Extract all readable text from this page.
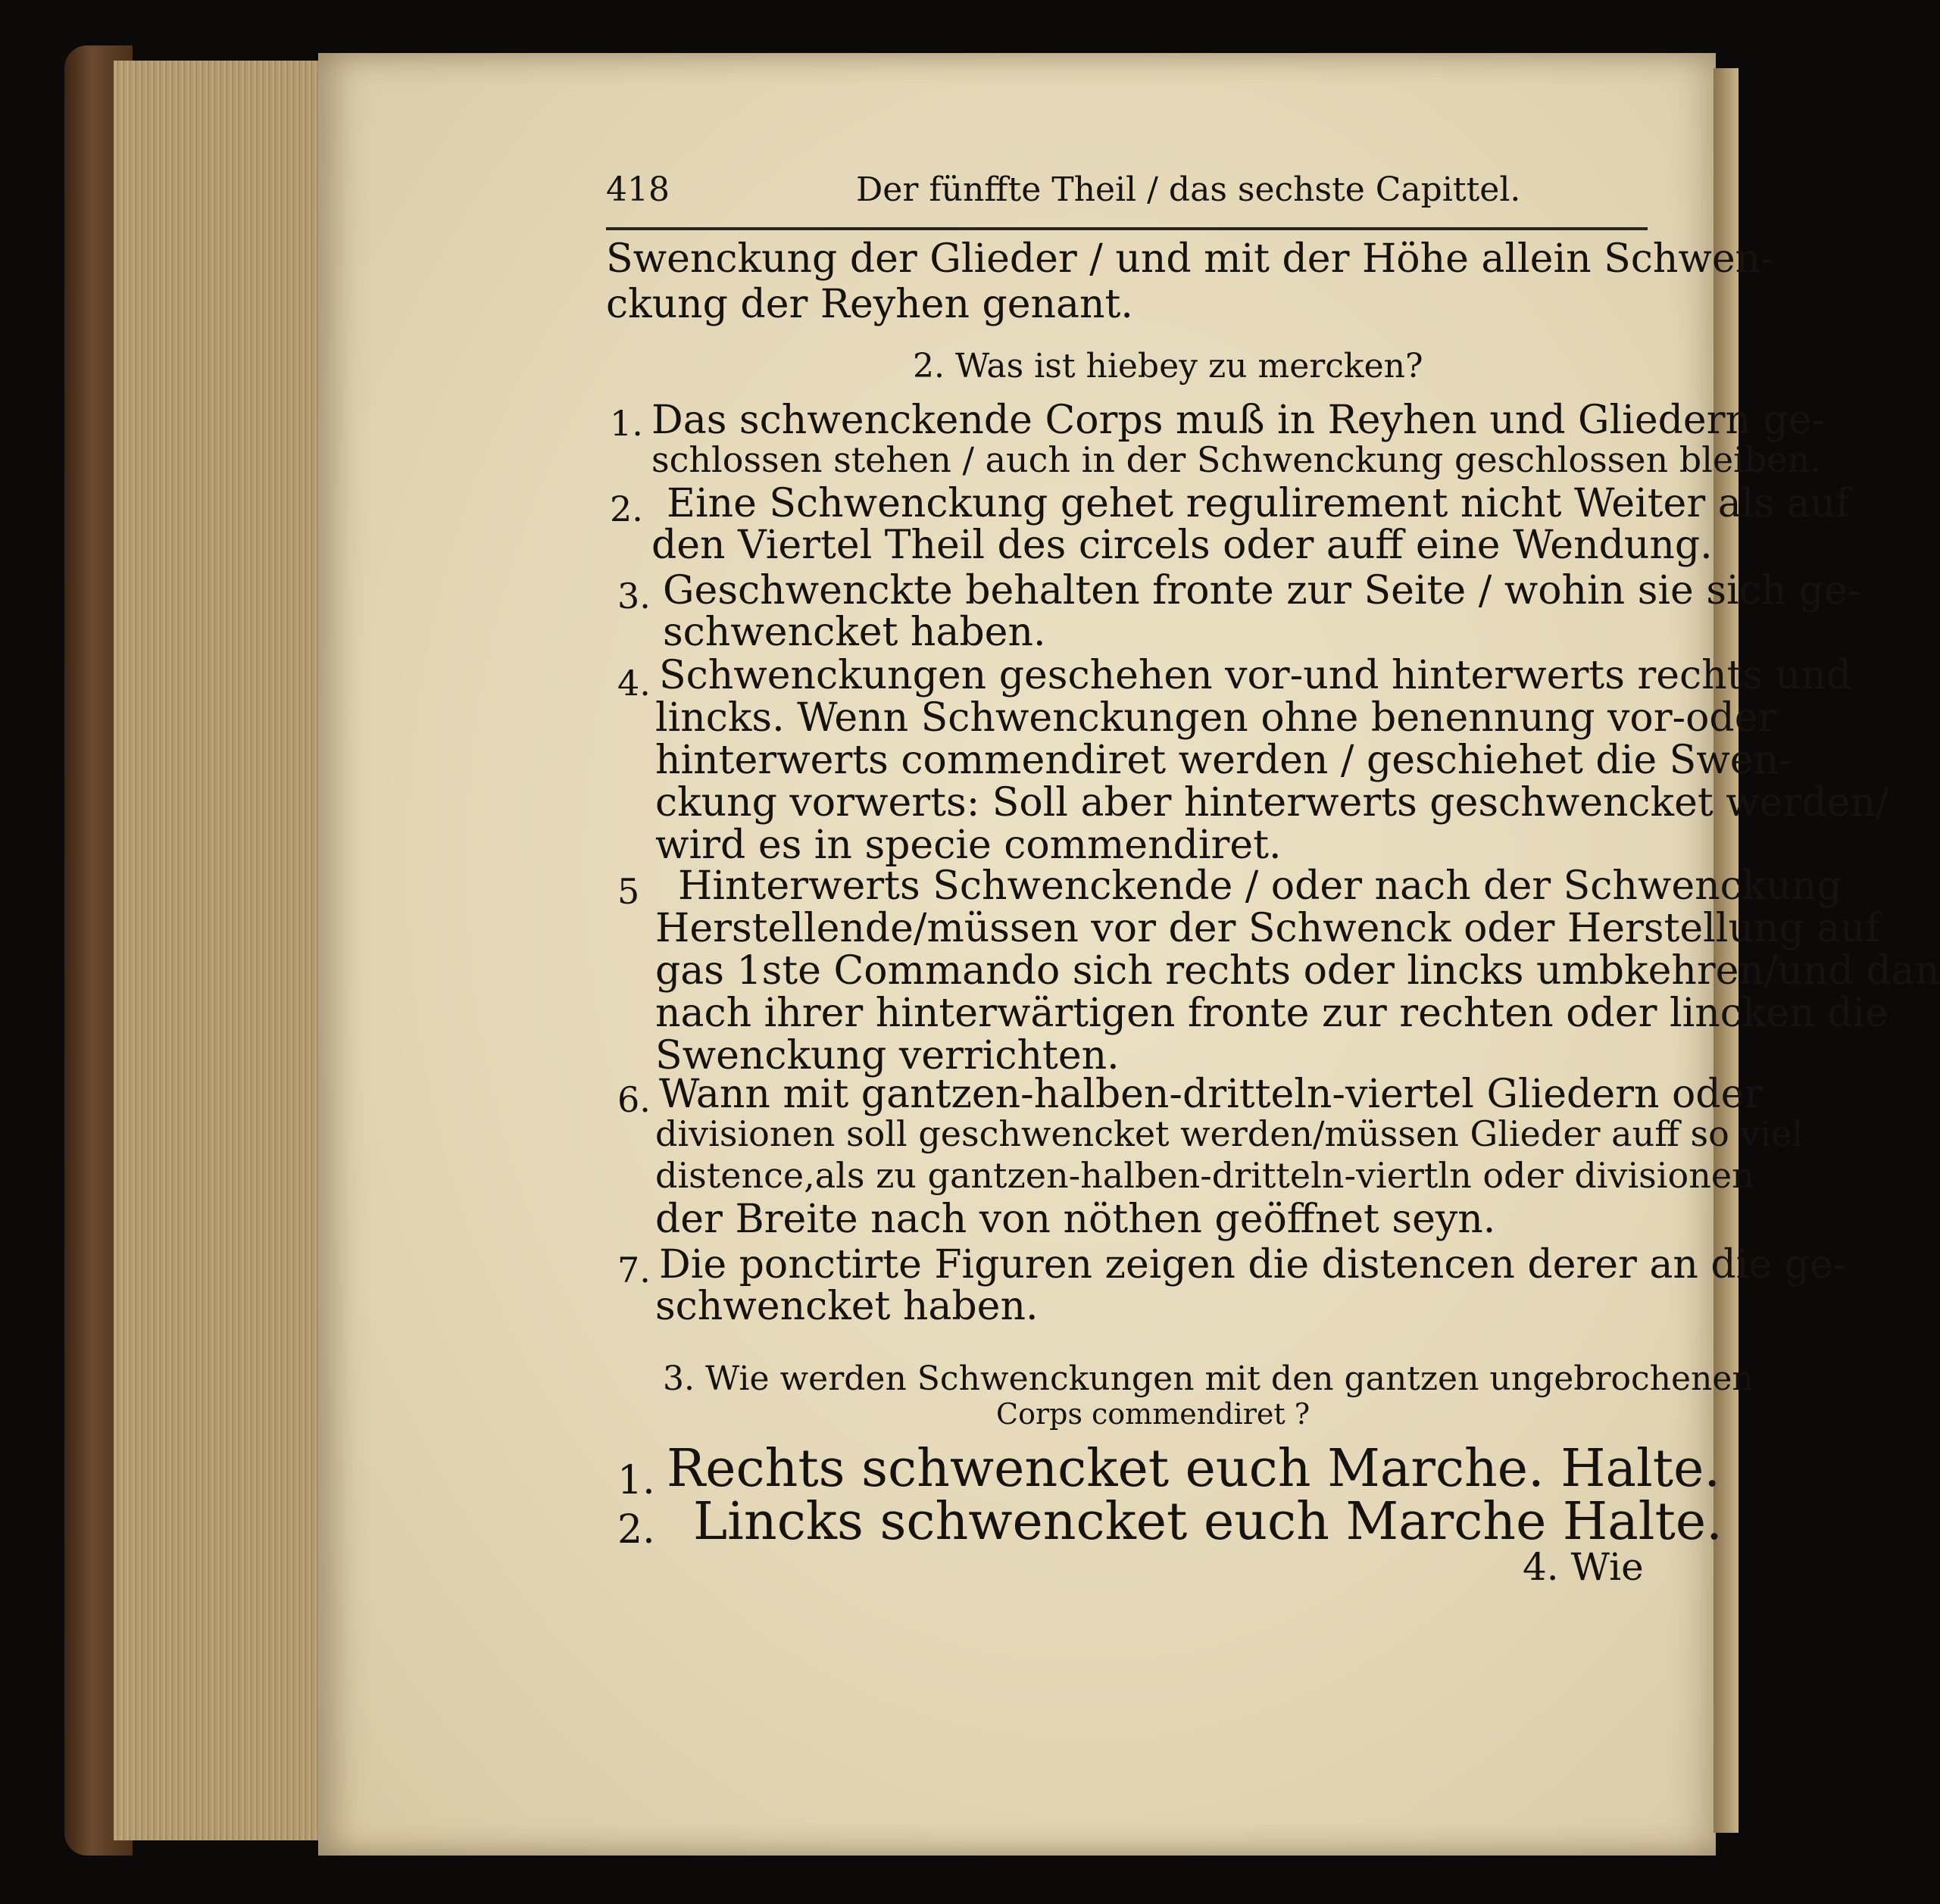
418	Der fünffte Theil / das sechste Capittel.
Swenckung der Glieder / und mit der Höhe allein Schwen-
ckung der Reyhen genant.
2. Was ist hiebey zu mercken?
1. Das schwenckende Corps muß in Reyhen und Gliedern ge-
schlossen stehen / auch in der Schwenckung geschlossen bleiben.
2. Eine Schwenckung gehet regulirement nicht Weiter als auf
den Viertel Theil des circels oder auff eine Wendung.
3. Geschwenckte behalten fronte zur Seite / wohin sie sich ge-
schwencket haben.
4. Schwenckungen geschehen vor-und hinterwerts rechts und
lincks. Wenn Schwenckungen ohne benennung vor-oder
hinterwerts commendiret werden / geschiehet die Swen-
ckung vorwerts: Soll aber hinterwerts geschwencket werden/
wird es in specie commendiret.
5 Hinterwerts Schwenckende / oder nach der Schwenckung
Herstellende/müssen vor der Schwenck oder Herstellung auf
gas 1ste Commando sich rechts oder lincks umbkehren/und dan
nach ihrer hinterwärtigen fronte zur rechten oder lincken die
Swenckung verrichten.
6. Wann mit gantzen-halben-dritteln-viertel Gliedern oder
divisionen soll geschwencket werden/müssen Glieder auff so viel
distence,als zu gantzen-halben-dritteln-viertln oder divisionen
der Breite nach von nöthen geöffnet seyn.
7. Die ponctirte Figuren zeigen die distencen derer an die ge-
schwencket haben.
3. Wie werden Schwenckungen mit den gantzen ungebrochenen
Corps commendiret ?
1. Rechts schwencket euch Marche. Halte.
2. Lincks schwencket euch Marche Halte.
4. Wie
